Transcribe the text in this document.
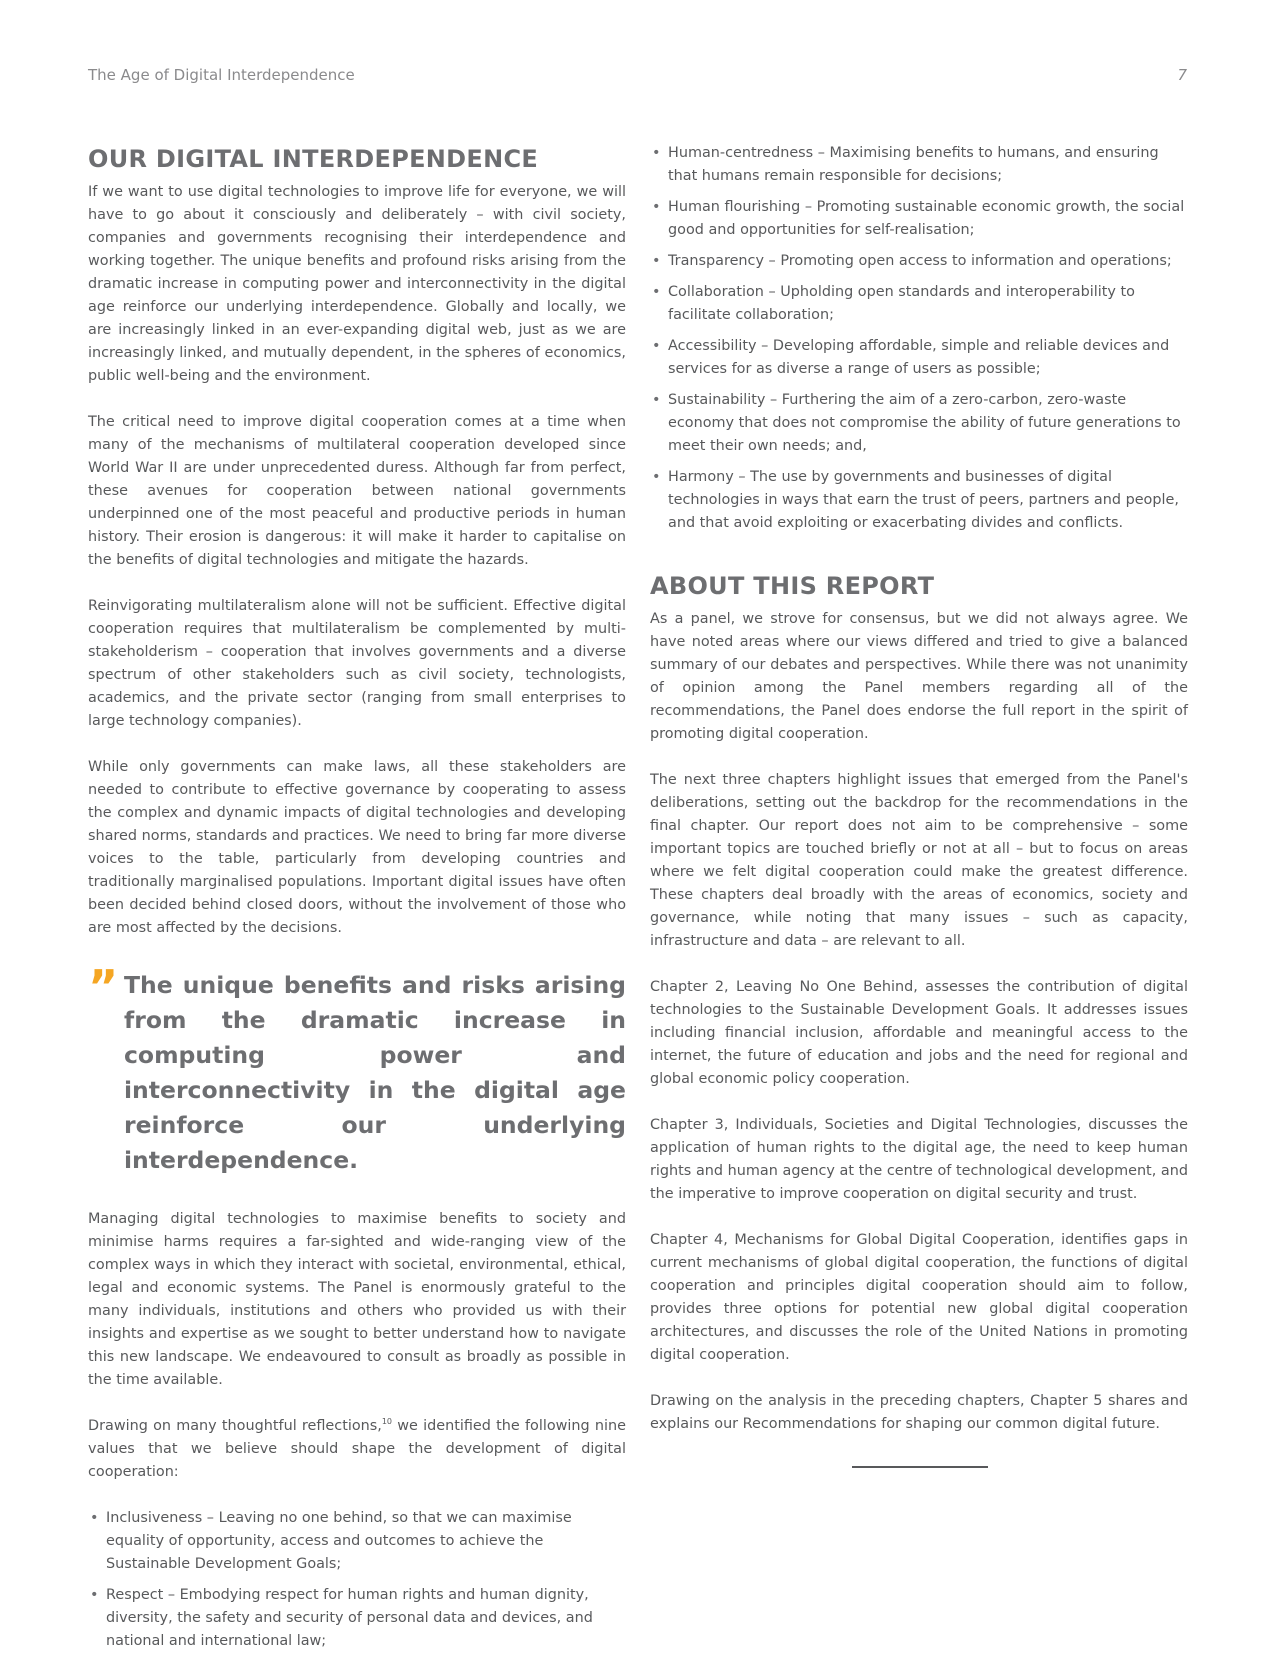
The Age of Digital Interdependence	7
OUR DIGITAL INTERDEPENDENCE

If we want to use digital technologies to improve life for everyone, we will have to go about it consciously and deliberately – with civil society, companies and governments recognising their interdependence and working together. The unique benefits and profound risks arising from the dramatic increase in computing power and interconnectivity in the digital age reinforce our underlying interdependence. Globally and locally, we are increasingly linked in an ever-expanding digital web, just as we are increasingly linked, and mutually dependent, in the spheres of economics, public well-being and the environment.

The critical need to improve digital cooperation comes at a time when many of the mechanisms of multilateral cooperation developed since World War II are under unprecedented duress. Although far from perfect, these avenues for cooperation between national governments underpinned one of the most peaceful and productive periods in human history. Their erosion is dangerous: it will make it harder to capitalise on the benefits of digital technologies and mitigate the hazards.

Reinvigorating multilateralism alone will not be sufficient. Effective digital cooperation requires that multilateralism be complemented by multi-stakeholderism – cooperation that involves governments and a diverse spectrum of other stakeholders such as civil society, technologists, academics, and the private sector (ranging from small enterprises to large technology companies).

While only governments can make laws, all these stakeholders are needed to contribute to effective governance by cooperating to assess the complex and dynamic impacts of digital technologies and developing shared norms, standards and practices. We need to bring far more diverse voices to the table, particularly from developing countries and traditionally marginalised populations. Important digital issues have often been decided behind closed doors, without the involvement of those who are most affected by the decisions.

” The unique benefits and risks arising from the dramatic increase in computing power and interconnectivity in the digital age reinforce our underlying interdependence.

Managing digital technologies to maximise benefits to society and minimise harms requires a far-sighted and wide-ranging view of the complex ways in which they interact with societal, environmental, ethical, legal and economic systems. The Panel is enormously grateful to the many individuals, institutions and others who provided us with their insights and expertise as we sought to better understand how to navigate this new landscape. We endeavoured to consult as broadly as possible in the time available.

Drawing on many thoughtful reflections,$^{10}$ we identified the following nine values that we believe should shape the development of digital cooperation:

• Inclusiveness – Leaving no one behind, so that we can maximise equality of opportunity, access and outcomes to achieve the Sustainable Development Goals;
• Respect – Embodying respect for human rights and human dignity, diversity, the safety and security of personal data and devices, and national and international law;
• Human-centredness – Maximising benefits to humans, and ensuring that humans remain responsible for decisions;
• Human flourishing – Promoting sustainable economic growth, the social good and opportunities for self-realisation;
• Transparency – Promoting open access to information and operations;
• Collaboration – Upholding open standards and interoperability to facilitate collaboration;
• Accessibility – Developing affordable, simple and reliable devices and services for as diverse a range of users as possible;
• Sustainability – Furthering the aim of a zero-carbon, zero-waste economy that does not compromise the ability of future generations to meet their own needs; and,
• Harmony – The use by governments and businesses of digital technologies in ways that earn the trust of peers, partners and people, and that avoid exploiting or exacerbating divides and conflicts.
ABOUT THIS REPORT

As a panel, we strove for consensus, but we did not always agree. We have noted areas where our views differed and tried to give a balanced summary of our debates and perspectives. While there was not unanimity of opinion among the Panel members regarding all of the recommendations, the Panel does endorse the full report in the spirit of promoting digital cooperation.

The next three chapters highlight issues that emerged from the Panel's deliberations, setting out the backdrop for the recommendations in the final chapter. Our report does not aim to be comprehensive – some important topics are touched briefly or not at all – but to focus on areas where we felt digital cooperation could make the greatest difference. These chapters deal broadly with the areas of economics, society and governance, while noting that many issues – such as capacity, infrastructure and data – are relevant to all.

Chapter 2, Leaving No One Behind, assesses the contribution of digital technologies to the Sustainable Development Goals. It addresses issues including financial inclusion, affordable and meaningful access to the internet, the future of education and jobs and the need for regional and global economic policy cooperation.

Chapter 3, Individuals, Societies and Digital Technologies, discusses the application of human rights to the digital age, the need to keep human rights and human agency at the centre of technological development, and the imperative to improve cooperation on digital security and trust.

Chapter 4, Mechanisms for Global Digital Cooperation, identifies gaps in current mechanisms of global digital cooperation, the functions of digital cooperation and principles digital cooperation should aim to follow, provides three options for potential new global digital cooperation architectures, and discusses the role of the United Nations in promoting digital cooperation.

Drawing on the analysis in the preceding chapters, Chapter 5 shares and explains our Recommendations for shaping our common digital future.
